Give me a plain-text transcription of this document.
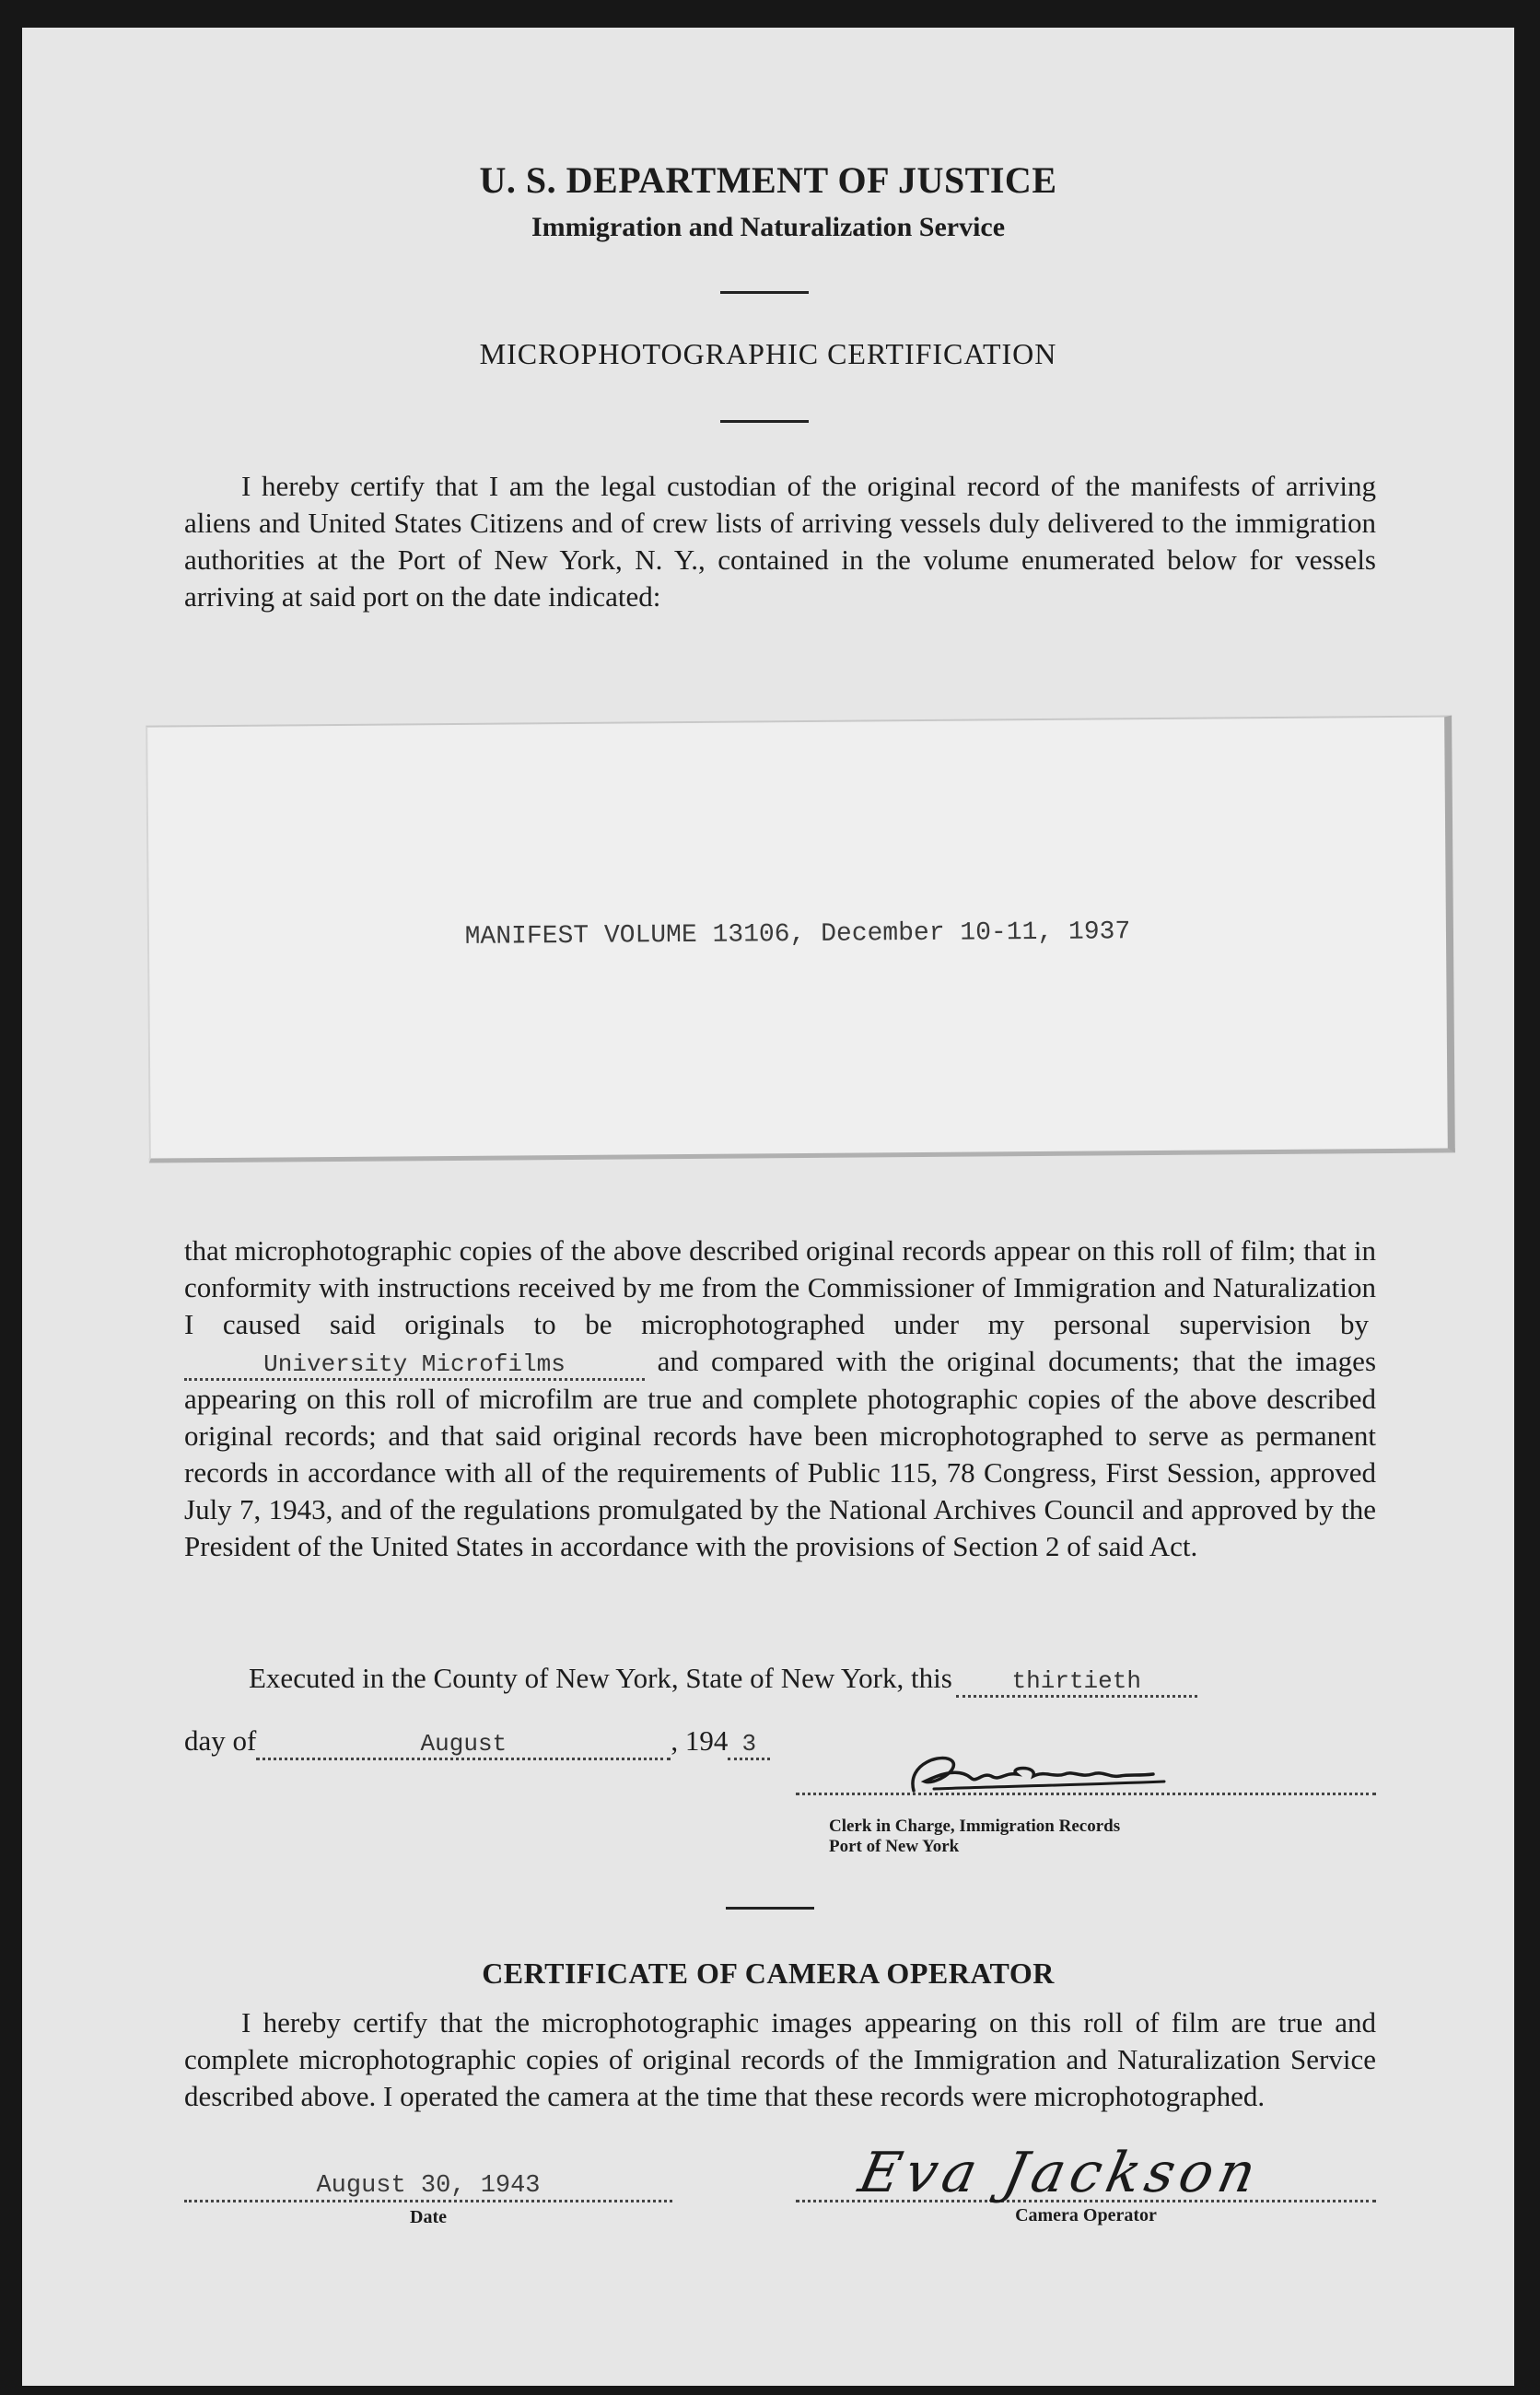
U. S. DEPARTMENT OF JUSTICE
Immigration and Naturalization Service
MICROPHOTOGRAPHIC CERTIFICATION

I hereby certify that I am the legal custodian of the original record of the manifests of arriving aliens and United States Citizens and of crew lists of arriving vessels duly delivered to the immigration authorities at the Port of New York, N. Y., contained in the volume enumerated below for vessels arriving at said port on the date indicated:

MANIFEST VOLUME 13106, December 10-11, 1937

that microphotographic copies of the above described original records appear on this roll of film; that in conformity with instructions received by me from the Commissioner of Immigration and Naturalization I caused said originals to be microphotographed under my personal supervision byUniversity Microfilms	and compared with the original documents; that the images appearing on this roll of microfilm are true and complete photographic copies of the above described original records; and that said original records have been microphotographed to serve as permanent records in accordance with all of the requirements of Public 115, 78 Congress, First Session, approved July 7, 1943, and of the regulations promulgated by the National Archives Council and approved by the President of the United States in accordance with the provisions of Section 2 of said Act.

Executed in the County of New York, State of New York, this thirtieth
day of	August	, 194 3
Clerk in Charge, Immigration Records
Port of New York
CERTIFICATE OF CAMERA OPERATOR

I hereby certify that the microphotographic images appearing on this roll of film are true and complete microphotographic copies of original records of the Immigration and Naturalization Service described above. I operated the camera at the time that these records were microphotographed.

August 30, 1943
Date
Eva Jackson
Camera Operator
